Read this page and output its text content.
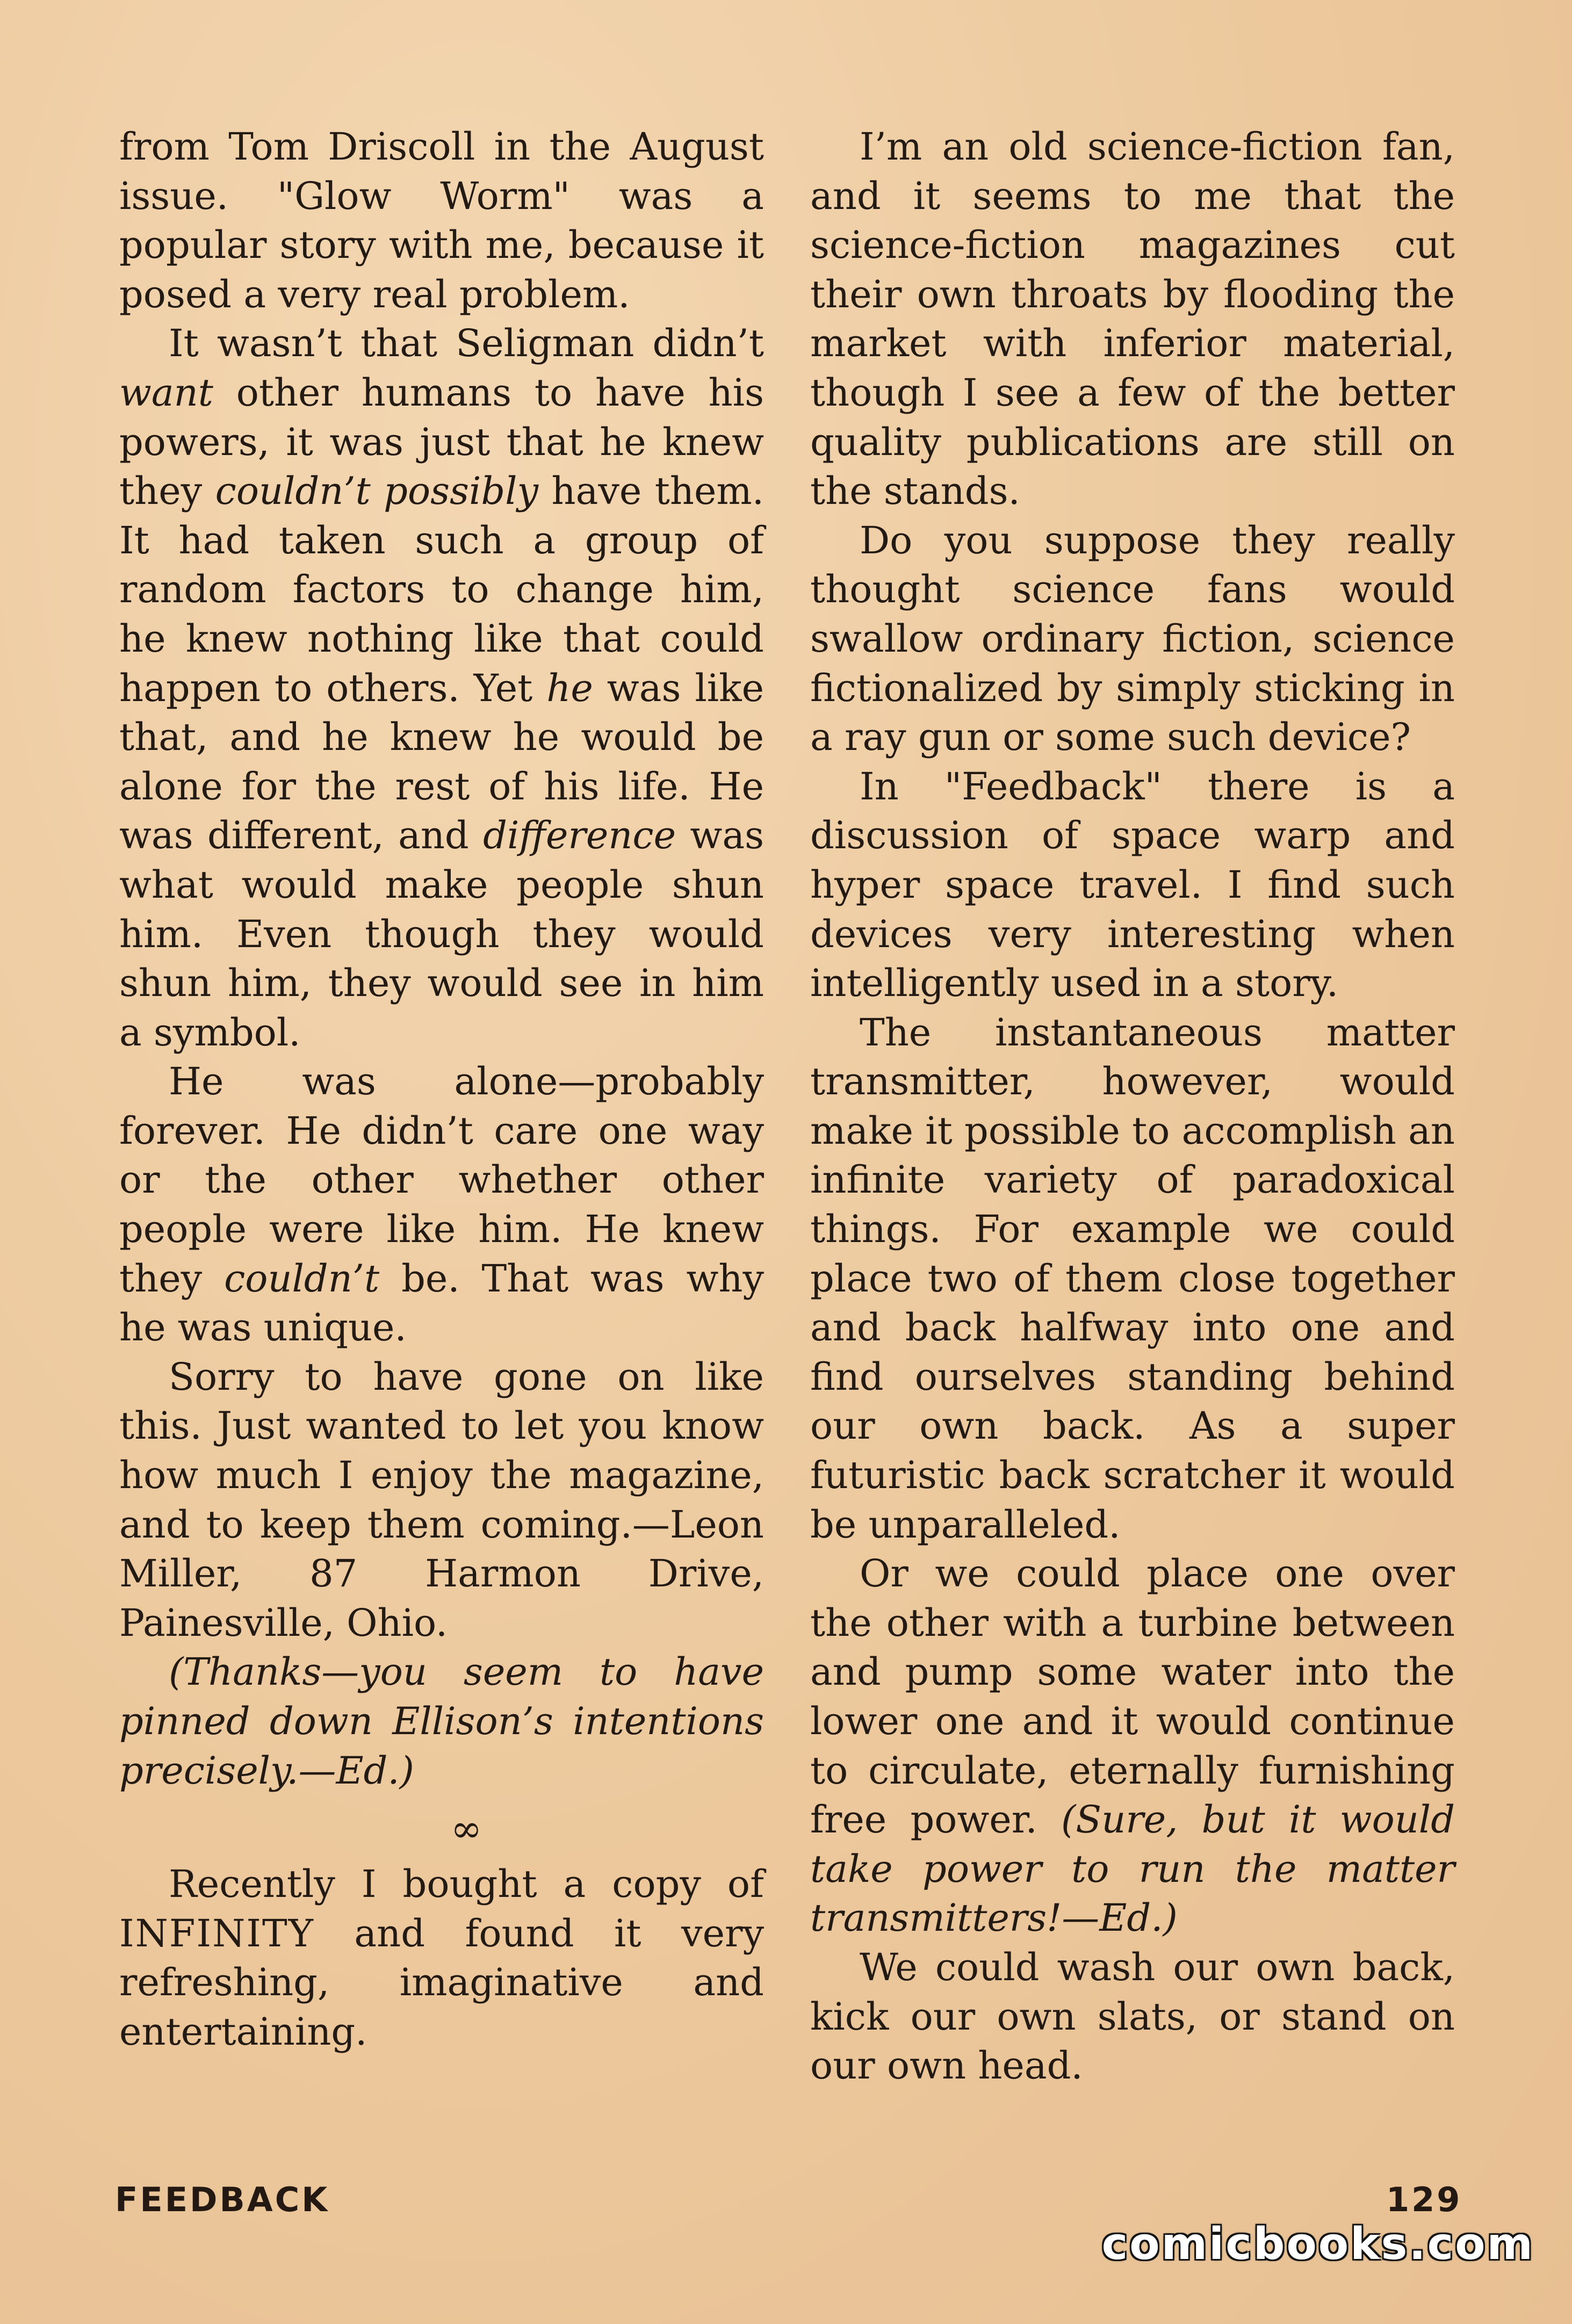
from Tom Driscoll in the August issue. "Glow Worm" was a popular story with me, because it posed a very real problem.

It wasn’t that Seligman didn’t want other humans to have his powers, it was just that he knew they couldn’t possibly have them. It had taken such a group of random factors to change him, he knew nothing like that could happen to others. Yet he was like that, and he knew he would be alone for the rest of his life. He was different, and difference was what would make people shun him. Even though they would shun him, they would see in him a symbol.

He was alone—probably forever. He didn’t care one way or the other whether other people were like him. He knew they couldn’t be. That was why he was unique.

Sorry to have gone on like this. Just wanted to let you know how much I enjoy the magazine, and to keep them coming.—Leon Miller, 87 Harmon Drive, Painesville, Ohio.

(Thanks—you seem to have pinned down Ellison’s intentions precisely.—Ed.)

∞

Recently I bought a copy of INFINITY and found it very refreshing, imaginative and entertaining.

I’m an old science-fiction fan, and it seems to me that the science-fiction magazines cut their own throats by flooding the market with inferior material, though I see a few of the better quality publications are still on the stands.

Do you suppose they really thought science fans would swallow ordinary fiction, science fictionalized by simply sticking in a ray gun or some such device?

In "Feedback" there is a discussion of space warp and hyper space travel. I find such devices very interesting when intelligently used in a story.

The instantaneous matter transmitter, however, would make it possible to accomplish an infinite variety of paradoxical things. For example we could place two of them close together and back halfway into one and find ourselves standing behind our own back. As a super futuristic back scratcher it would be unparalleled.

Or we could place one over the other with a turbine between and pump some water into the lower one and it would continue to circulate, eternally furnishing free power. (Sure, but it would take power to run the matter transmitters!—Ed.)

We could wash our own back, kick our own slats, or stand on our own head.

FEEDBACK	129
comicbooks.com
